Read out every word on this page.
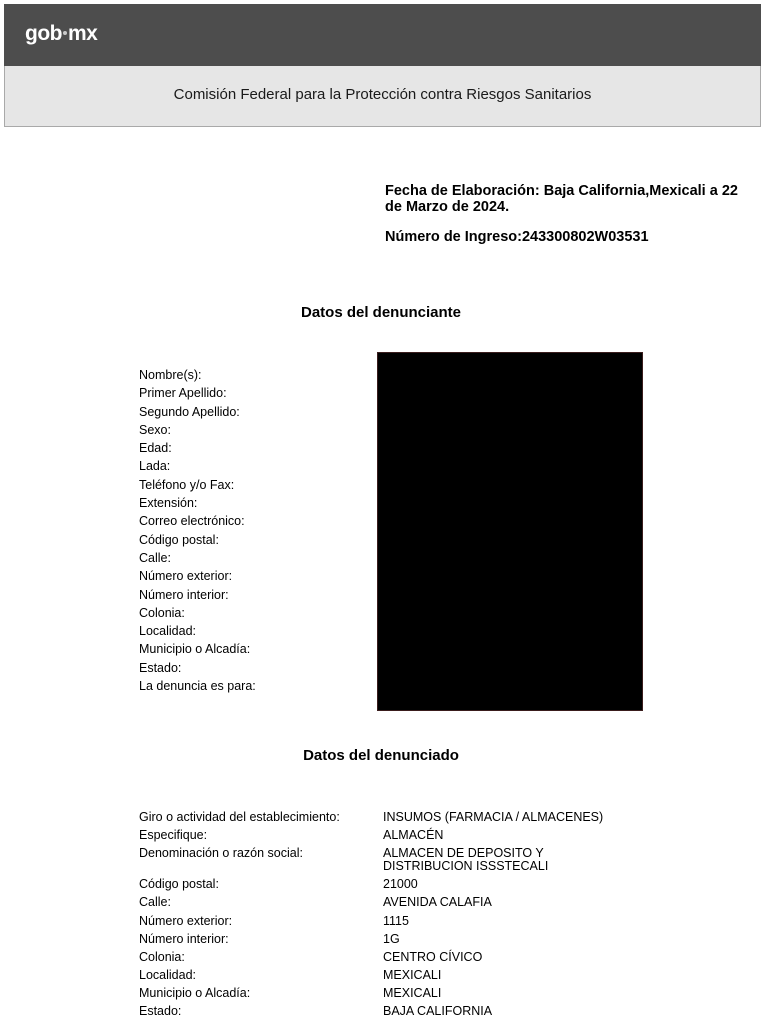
gob mx
Comisión Federal para la Protección contra Riesgos Sanitarios
Fecha de Elaboración: Baja California,Mexicali a 22 de Marzo de 2024.
Número de Ingreso:243300802W03531
Datos del denunciante
Nombre(s):
Primer Apellido:
Segundo Apellido:
Sexo:
Edad:
Lada:
Teléfono y/o Fax:
Extensión:
Correo electrónico:
Código postal:
Calle:
Número exterior:
Número interior:
Colonia:
Localidad:
Municipio o Alcadía:
Estado:
La denuncia es para:
Datos del denunciado
Giro o actividad del establecimiento:	INSUMOS (FARMACIA / ALMACENES)
Especifique:	ALMACÉN
Denominación o razón social:	ALMACEN DE DEPOSITO Y
DISTRIBUCION ISSSTECALI
Código postal:	21000
Calle:	AVENIDA CALAFIA
Número exterior:	1115
Número interior:	1G
Colonia:	CENTRO CÍVICO
Localidad:	MEXICALI
Municipio o Alcadía:	MEXICALI
Estado:	BAJA CALIFORNIA
